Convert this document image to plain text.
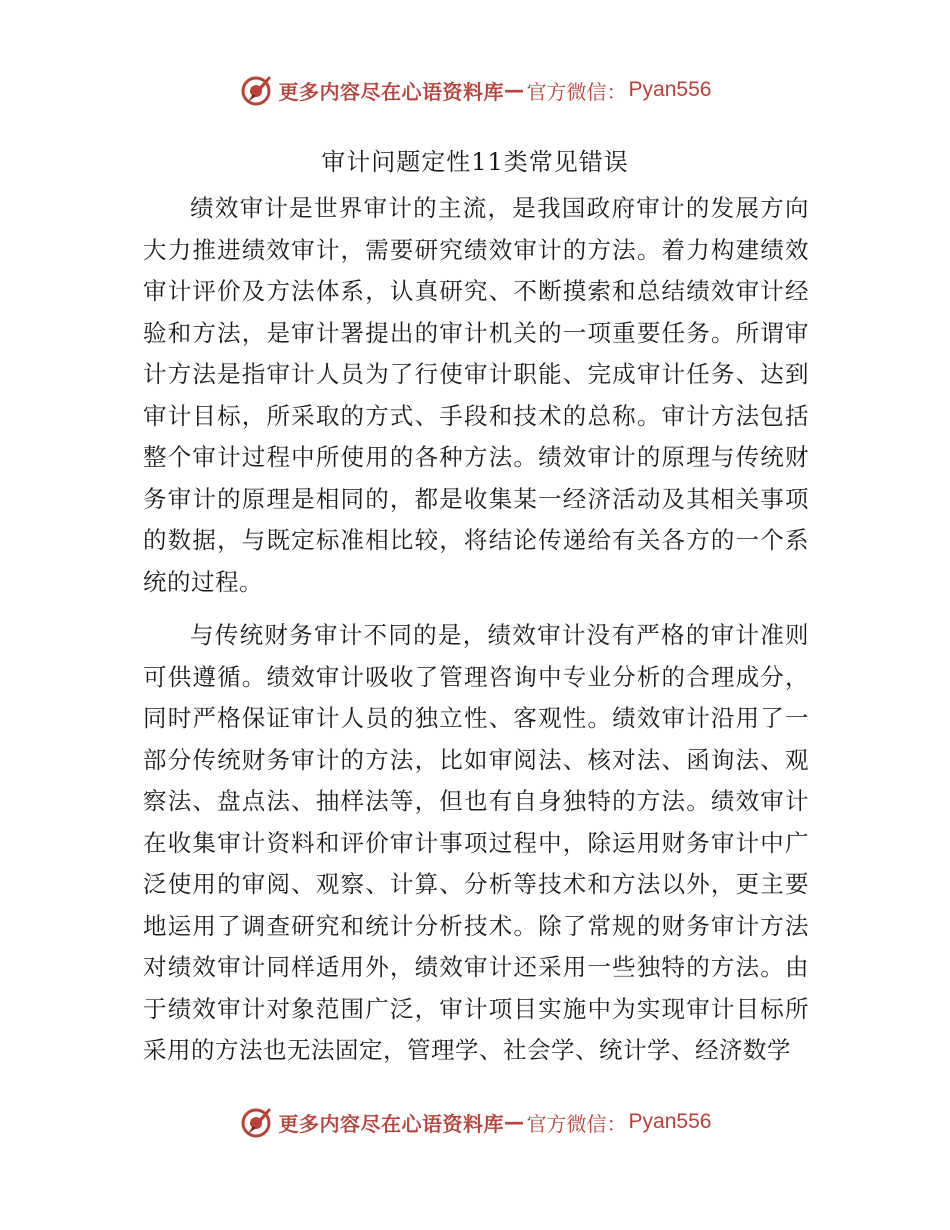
更多内容尽在心语资料库 — 官方微信： Pyan556
审计问题定性11类常见错误

绩效审计是世界审计的主流，是我国政府审计的发展方向大力推进绩效审计，需要研究绩效审计的方法。着力构建绩效审计评价及方法体系，认真研究、不断摸索和总结绩效审计经验和方法，是审计署提出的审计机关的一项重要任务。所谓审计方法是指审计人员为了行使审计职能、完成审计任务、达到审计目标，所采取的方式、手段和技术的总称。审计方法包括整个审计过程中所使用的各种方法。绩效审计的原理与传统财务审计的原理是相同的，都是收集某一经济活动及其相关事项的数据，与既定标准相比较，将结论传递给有关各方的一个系统的过程。

与传统财务审计不同的是，绩效审计没有严格的审计准则可供遵循。绩效审计吸收了管理咨询中专业分析的合理成分，同时严格保证审计人员的独立性、客观性。绩效审计沿用了一部分传统财务审计的方法，比如审阅法、核对法、函询法、观察法、盘点法、抽样法等，但也有自身独特的方法。绩效审计在收集审计资料和评价审计事项过程中，除运用财务审计中广泛使用的审阅、观察、计算、分析等技术和方法以外，更主要地运用了调查研究和统计分析技术。除了常规的财务审计方法对绩效审计同样适用外，绩效审计还采用一些独特的方法。由于绩效审计对象范围广泛，审计项目实施中为实现审计目标所采用的方法也无法固定，管理学、社会学、统计学、经济数学

更多内容尽在心语资料库 — 官方微信： Pyan556
